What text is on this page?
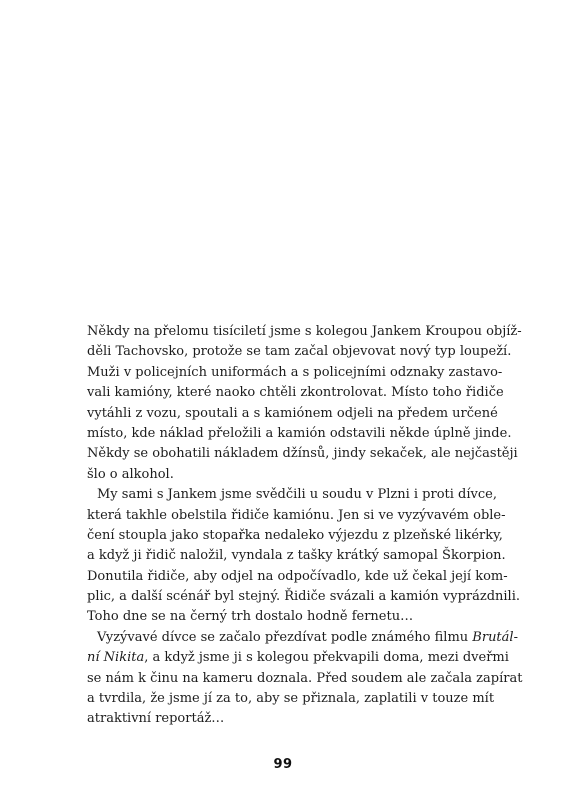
Někdy na přelomu tisíciletí jsme s kolegou Jankem Kroupou objíž-
děli Tachovsko, protože se tam začal objevovat nový typ loupeží.
Muži v policejních uniformách a s policejními odznaky zastavo-
vali kamióny, které naoko chtěli zkontrolovat. Místo toho řidiče
vytáhli z vozu, spoutali a s kamiónem odjeli na předem určené
místo, kde náklad přeložili a kamión odstavili někde úplně jinde.
Někdy se obohatili nákladem džínsů, jindy sekaček, ale nejčastěji
šlo o alkohol.
My sami s Jankem jsme svědčili u soudu v Plzni i proti dívce,
která takhle obelstila řidiče kamiónu. Jen si ve vyzývavém oble-
čení stoupla jako stopařka nedaleko výjezdu z plzeňské likérky,
a když ji řidič naložil, vyndala z tašky krátký samopal Škorpion.
Donutila řidiče, aby odjel na odpočívadlo, kde už čekal její kom-
plic, a další scénář byl stejný. Řidiče svázali a kamión vyprázdnili.
Toho dne se na černý trh dostalo hodně fernetu…
Vyzývavé dívce se začalo přezdívat podle známého filmu Brutál-
ní Nikita, a když jsme ji s kolegou překvapili doma, mezi dveřmi
se nám k činu na kameru doznala. Před soudem ale začala zapírat
a tvrdila, že jsme jí za to, aby se přiznala, zaplatili v touze mít
atraktivní reportáž…
99
